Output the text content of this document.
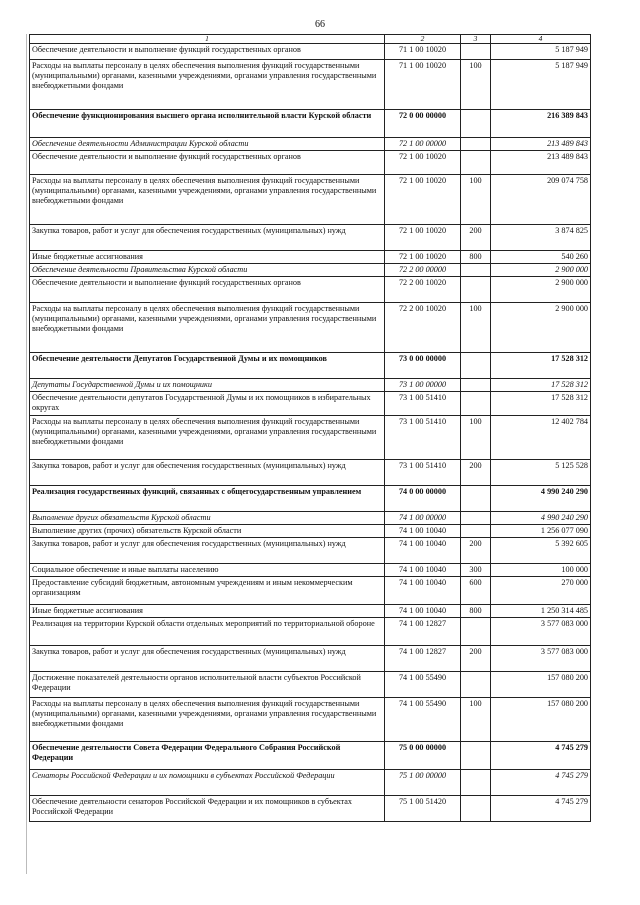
66
1	2	3	4
Обеспечение деятельности и выполнение функций государственных органов	71 1 00 10020		5 187 949
Расходы на выплаты персоналу в целях обеспечения выполнения функций государственными (муниципальными) органами, казенными учреждениями, органами управления государственными внебюджетными фондами	71 1 00 10020	100	5 187 949
Обеспечение функционирования высшего органа исполнительной власти Курской области	72 0 00 00000		216 389 843
Обеспечение деятельности Администрации Курской области	72 1 00 00000		213 489 843
Обеспечение деятельности и выполнение функций государственных органов	72 1 00 10020		213 489 843
Расходы на выплаты персоналу в целях обеспечения выполнения функций государственными (муниципальными) органами, казенными учреждениями, органами управления государственными внебюджетными фондами	72 1 00 10020	100	209 074 758
Закупка товаров, работ и услуг для обеспечения государственных (муниципальных) нужд	72 1 00 10020	200	3 874 825
Иные бюджетные ассигнования	72 1 00 10020	800	540 260
Обеспечение деятельности Правительства Курской области	72 2 00 00000		2 900 000
Обеспечение деятельности и выполнение функций государственных органов	72 2 00 10020		2 900 000
Расходы на выплаты персоналу в целях обеспечения выполнения функций государственными (муниципальными) органами, казенными учреждениями, органами управления государственными внебюджетными фондами	72 2 00 10020	100	2 900 000
Обеспечение деятельности Депутатов Государственной Думы и их помощников	73 0 00 00000		17 528 312
Депутаты Государственной Думы и их помощники	73 1 00 00000		17 528 312
Обеспечение деятельности депутатов Государственной Думы и их помощников в избирательных округах	73 1 00 51410		17 528 312
Расходы на выплаты персоналу в целях обеспечения выполнения функций государственными (муниципальными) органами, казенными учреждениями, органами управления государственными внебюджетными фондами	73 1 00 51410	100	12 402 784
Закупка товаров, работ и услуг для обеспечения государственных (муниципальных) нужд	73 1 00 51410	200	5 125 528
Реализация государственных функций, связанных с общегосударственным управлением	74 0 00 00000		4 990 240 290
Выполнение других обязательств Курской области	74 1 00 00000		4 990 240 290
Выполнение других (прочих) обязательств Курской области	74 1 00 10040		1 256 077 090
Закупка товаров, работ и услуг для обеспечения государственных (муниципальных) нужд	74 1 00 10040	200	5 392 605
Социальное обеспечение и иные выплаты населению	74 1 00 10040	300	100 000
Предоставление субсидий бюджетным, автономным учреждениям и иным некоммерческим организациям	74 1 00 10040	600	270 000
Иные бюджетные ассигнования	74 1 00 10040	800	1 250 314 485
Реализация на территории Курской области отдельных мероприятий по территориальной обороне	74 1 00 12827		3 577 083 000
Закупка товаров, работ и услуг для обеспечения государственных (муниципальных) нужд	74 1 00 12827	200	3 577 083 000
Достижение показателей деятельности органов исполнительной власти субъектов Российской Федерации	74 1 00 55490		157 080 200
Расходы на выплаты персоналу в целях обеспечения выполнения функций государственными (муниципальными) органами, казенными учреждениями, органами управления государственными внебюджетными фондами	74 1 00 55490	100	157 080 200
Обеспечение деятельности Совета Федерации Федерального Собрания Российской Федерации	75 0 00 00000		4 745 279
Сенаторы Российской Федерации и их помощники в субъектах Российской Федерации	75 1 00 00000		4 745 279
Обеспечение деятельности сенаторов Российской Федерации и их помощников в субъектах Российской Федерации	75 1 00 51420		4 745 279
